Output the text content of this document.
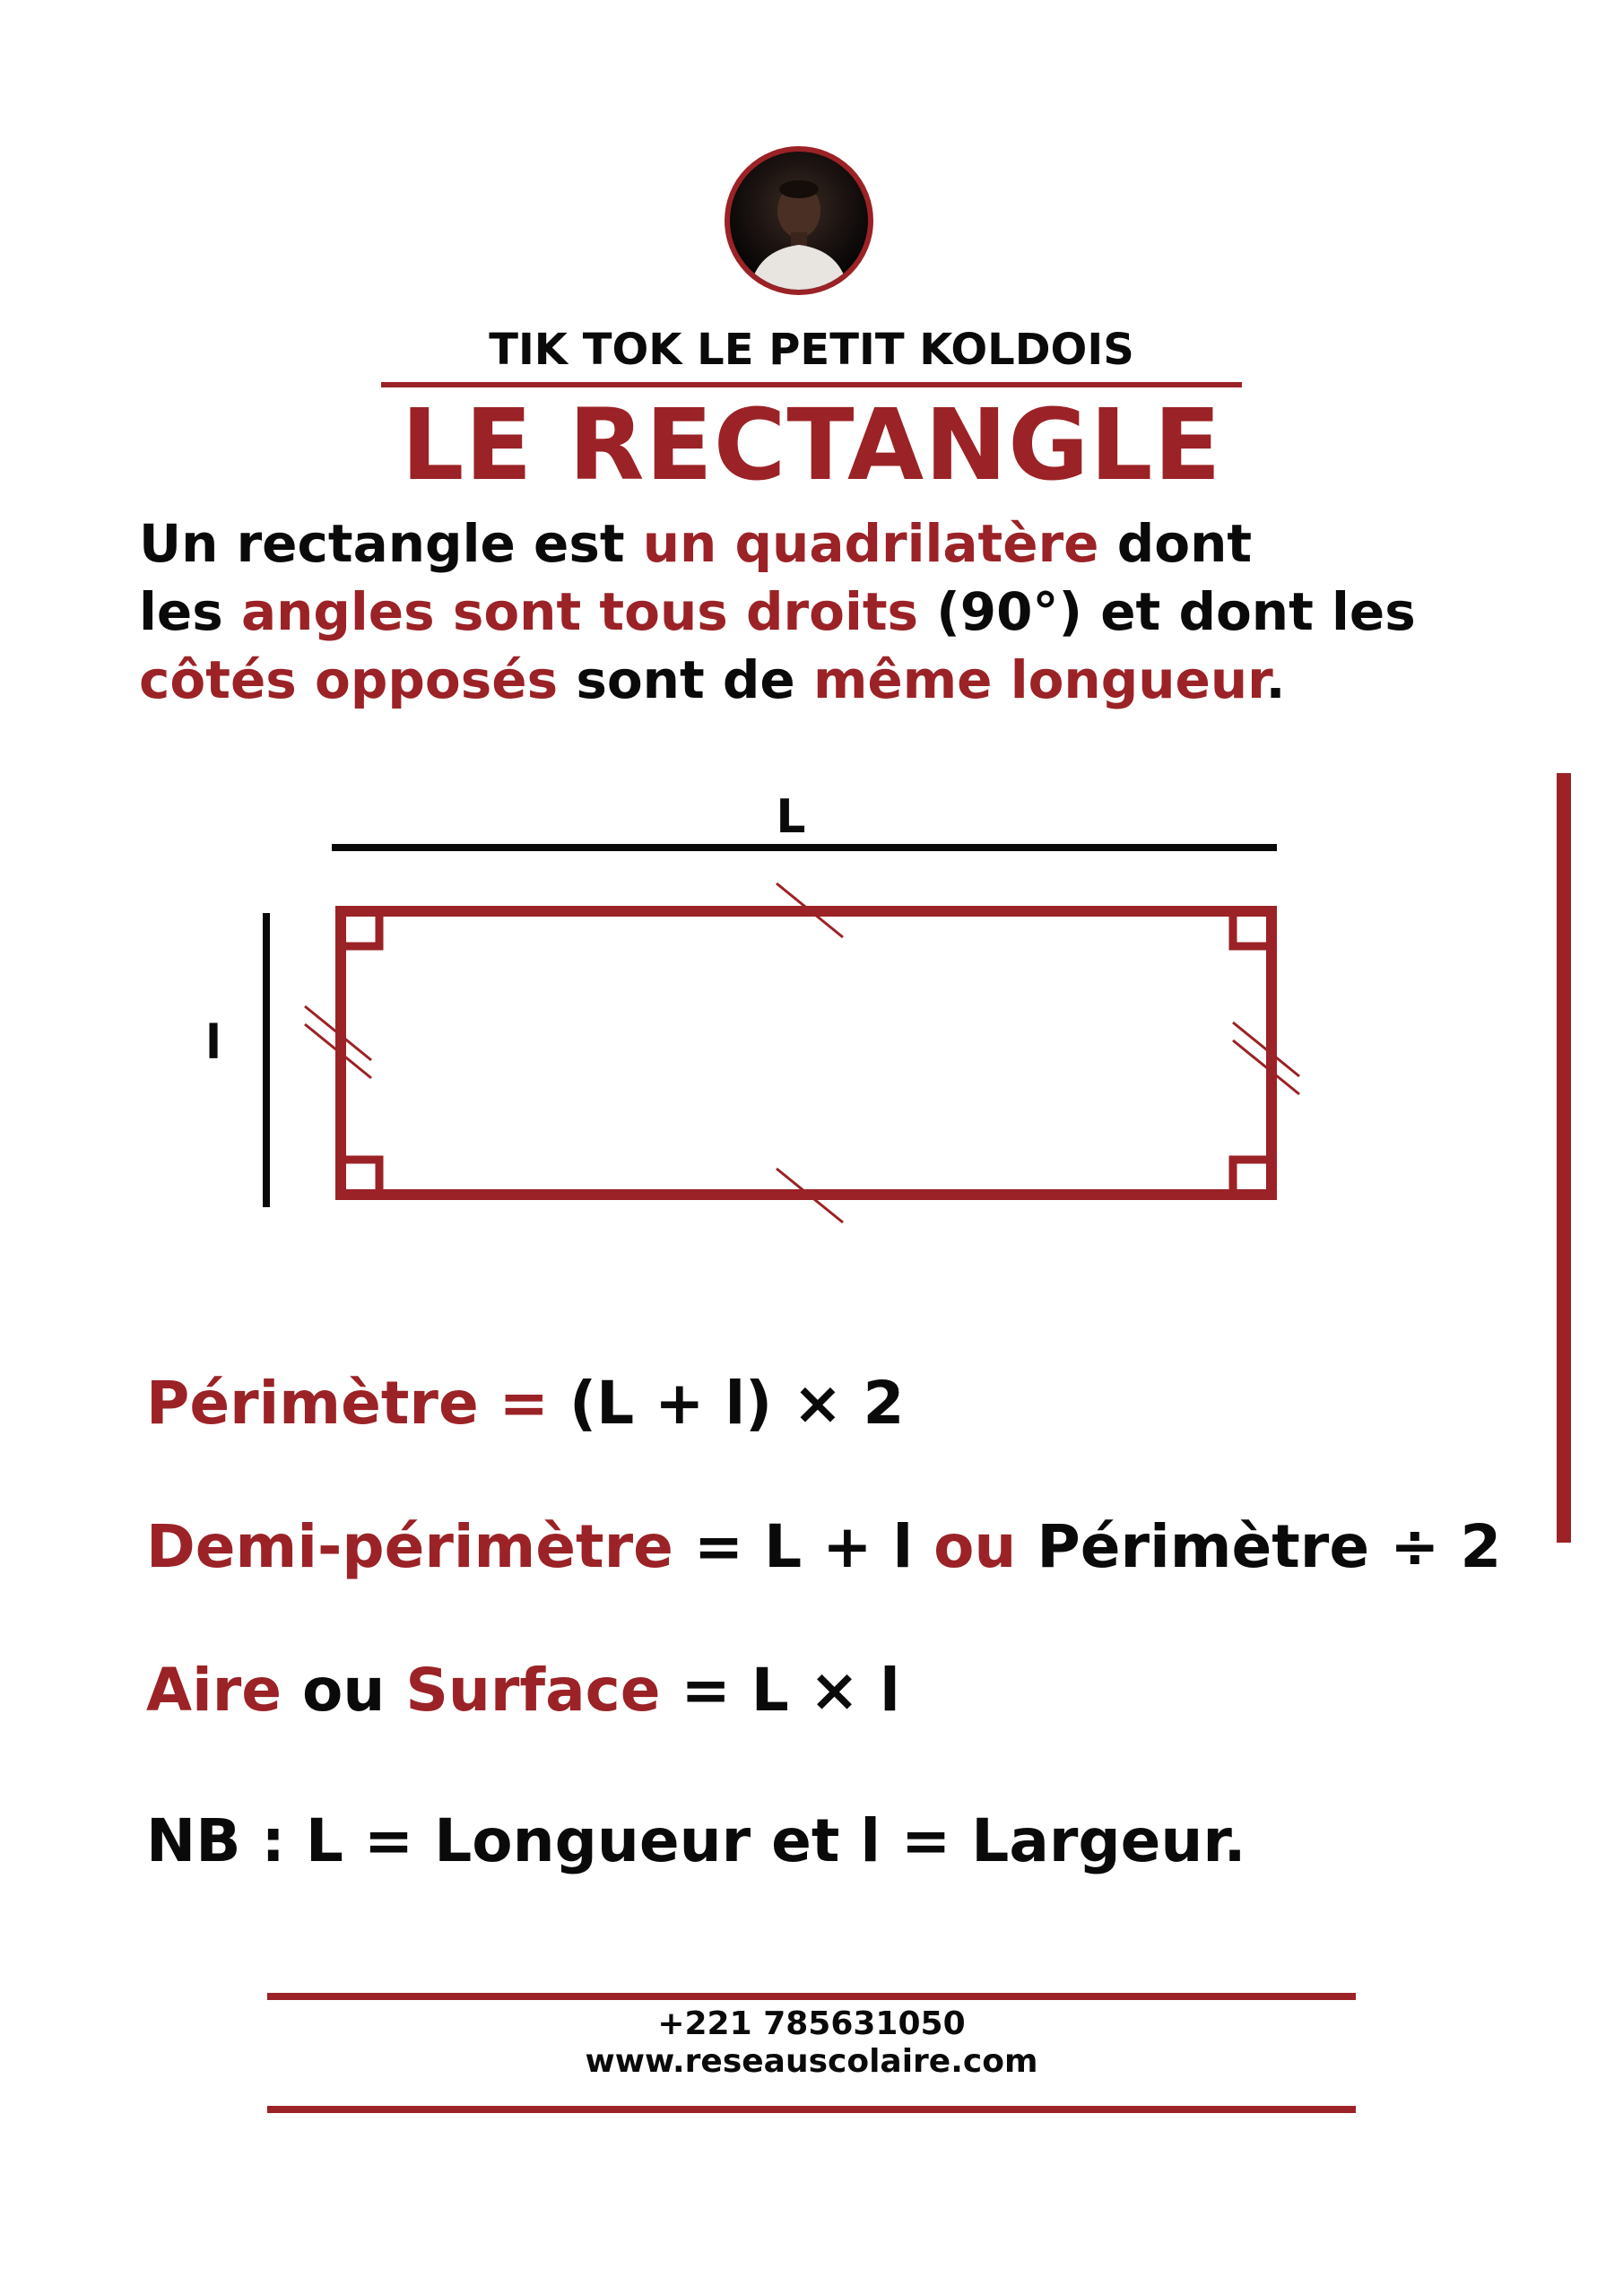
TIK TOK LE PETIT KOLDOIS
LE RECTANGLE
Un rectangle est un quadrilatère dont
les angles sont tous droits (90°) et dont les
côtés opposés sont de même longueur.
L
l
Périmètre = (L + l) × 2
Demi-périmètre = L + l ou Périmètre ÷ 2
Aire ou Surface = L × l
NB : L = Longueur et l = Largeur.
+221 785631050
www.reseauscolaire.com
